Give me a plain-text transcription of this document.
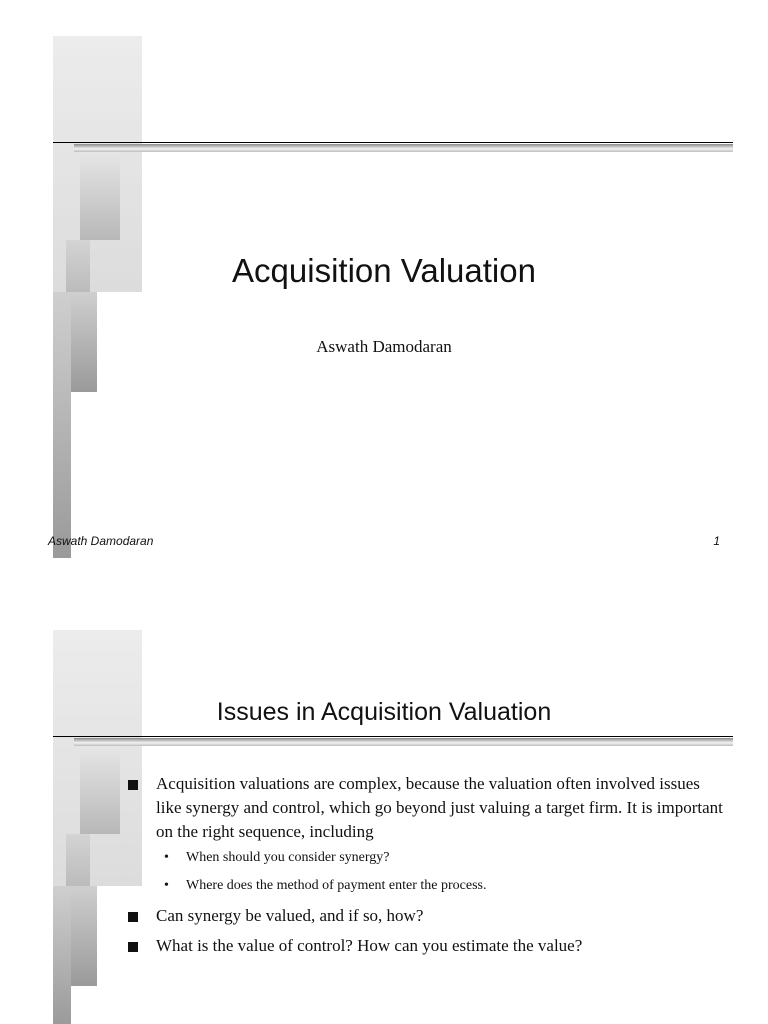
Acquisition Valuation
Aswath Damodaran
Aswath Damodaran	1
Issues in Acquisition Valuation
Acquisition valuations are complex, because the valuation often involved issues like synergy and control, which go beyond just valuing a target firm. It is important on the right sequence, including
• When should you consider synergy?
• Where does the method of payment enter the process.
Can synergy be valued, and if so, how?
What is the value of control? How can you estimate the value?
